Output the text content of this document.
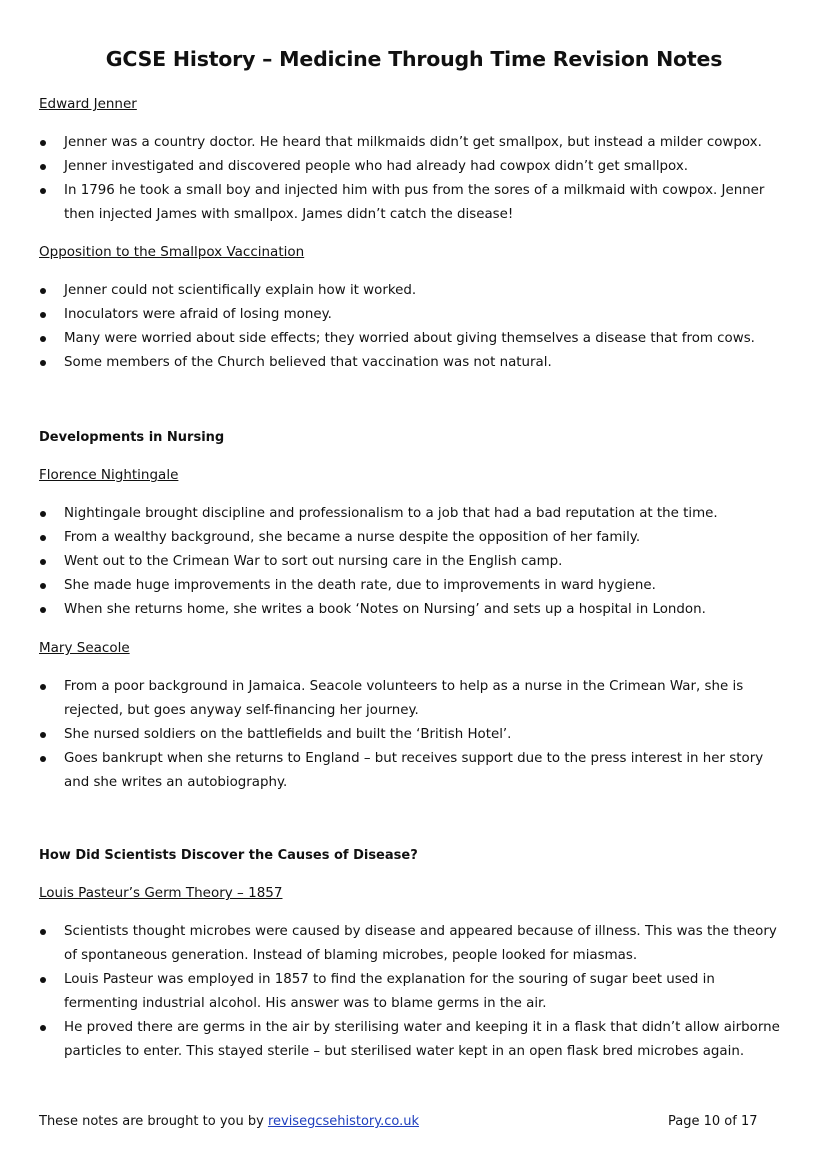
GCSE History – Medicine Through Time Revision Notes
Edward Jenner
Jenner was a country doctor. He heard that milkmaids didn’t get smallpox, but instead a milder cowpox.
Jenner investigated and discovered people who had already had cowpox didn’t get smallpox.
In 1796 he took a small boy and injected him with pus from the sores of a milkmaid with cowpox. Jenner then injected James with smallpox. James didn’t catch the disease!
Opposition to the Smallpox Vaccination
Jenner could not scientifically explain how it worked.
Inoculators were afraid of losing money.
Many were worried about side effects; they worried about giving themselves a disease that from cows.
Some members of the Church believed that vaccination was not natural.
Developments in Nursing
Florence Nightingale
Nightingale brought discipline and professionalism to a job that had a bad reputation at the time.
From a wealthy background, she became a nurse despite the opposition of her family.
Went out to the Crimean War to sort out nursing care in the English camp.
She made huge improvements in the death rate, due to improvements in ward hygiene.
When she returns home, she writes a book ‘Notes on Nursing’ and sets up a hospital in London.
Mary Seacole
From a poor background in Jamaica. Seacole volunteers to help as a nurse in the Crimean War, she is rejected, but goes anyway self-financing her journey.
She nursed soldiers on the battlefields and built the ‘British Hotel’.
Goes bankrupt when she returns to England – but receives support due to the press interest in her story and she writes an autobiography.
How Did Scientists Discover the Causes of Disease?
Louis Pasteur’s Germ Theory – 1857
Scientists thought microbes were caused by disease and appeared because of illness. This was the theory of spontaneous generation. Instead of blaming microbes, people looked for miasmas.
Louis Pasteur was employed in 1857 to find the explanation for the souring of sugar beet used in fermenting industrial alcohol. His answer was to blame germs in the air.
He proved there are germs in the air by sterilising water and keeping it in a flask that didn’t allow airborne particles to enter. This stayed sterile – but sterilised water kept in an open flask bred microbes again.
These notes are brought to you by revisegcsehistory.co.uk	Page 10 of 17
